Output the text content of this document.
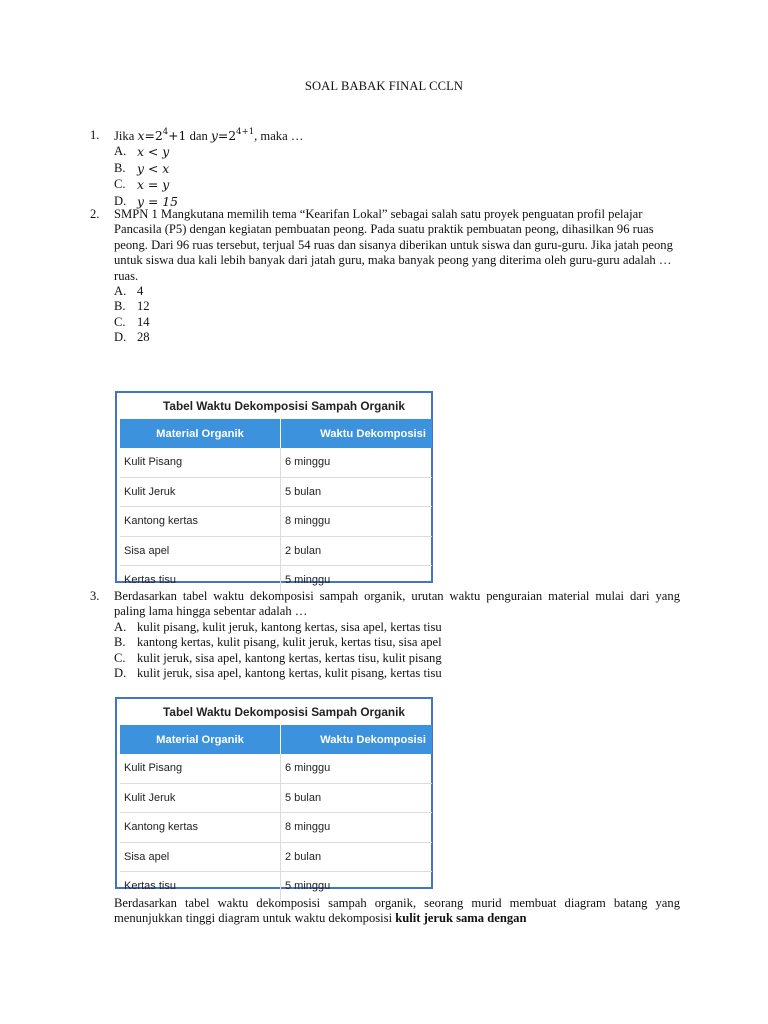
SOAL BABAK FINAL CCLN
1.	Jika $x=2^4+1$ dan $y=2^{4+1}$, maka …
A. x < y
B. y < x
C. x = y
D. y = 15
2.	SMPN 1 Mangkutana memilih tema “Kearifan Lokal” sebagai salah satu proyek penguatan profil pelajar Pancasila (P5) dengan kegiatan pembuatan peong. Pada suatu praktik pembuatan peong, dihasilkan 96 ruas peong. Dari 96 ruas tersebut, terjual 54 ruas dan sisanya diberikan untuk siswa dan guru-guru. Jika jatah peong untuk siswa dua kali lebih banyak dari jatah guru, maka banyak peong yang diterima oleh guru-guru adalah … ruas.
A. 4
B. 12
C. 14
D. 28
Tabel Waktu Dekomposisi Sampah Organik
Material Organik	Waktu Dekomposisi
Kulit Pisang	6 minggu
Kulit Jeruk	5 bulan
Kantong kertas	8 minggu
Sisa apel	2 bulan
Kertas tisu	5 minggu
3.	Berdasarkan tabel waktu dekomposisi sampah organik, urutan waktu penguraian material mulai dari yang paling lama hingga sebentar adalah …
A. kulit pisang, kulit jeruk, kantong kertas, sisa apel, kertas tisu
B. kantong kertas, kulit pisang, kulit jeruk, kertas tisu, sisa apel
C. kulit jeruk, sisa apel, kantong kertas, kertas tisu, kulit pisang
D. kulit jeruk, sisa apel, kantong kertas, kulit pisang, kertas tisu
Tabel Waktu Dekomposisi Sampah Organik
Material Organik	Waktu Dekomposisi
Kulit Pisang	6 minggu
Kulit Jeruk	5 bulan
Kantong kertas	8 minggu
Sisa apel	2 bulan
Kertas tisu	5 minggu
Berdasarkan tabel waktu dekomposisi sampah organik, seorang murid membuat diagram batang yang menunjukkan tinggi diagram untuk waktu dekomposisi kulit jeruk sama dengan
